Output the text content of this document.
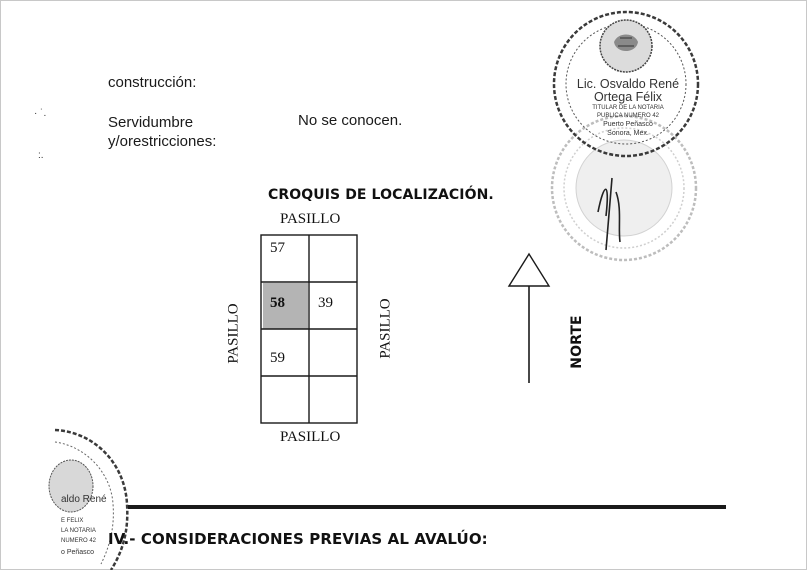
· ˙.
:.
construcción:
Servidumbre
y/orestricciones:
No se conocen.
CROQUIS DE LOCALIZACIÓN.
PASILLO
PASILLO
PASILLO	PASILLO
57
58 39
59	NORTE
Lic. Osvaldo René
Ortega Félix
TITULAR DE LA NOTARIA
PUBLICA NUMERO 42
Puerto Peñasco
Sonora, Mex.
aldo René
E FELIX
LA NOTARIA
NUMERO 42
o Peñasco
IV.- CONSIDERACIONES PREVIAS AL AVALÚO:
